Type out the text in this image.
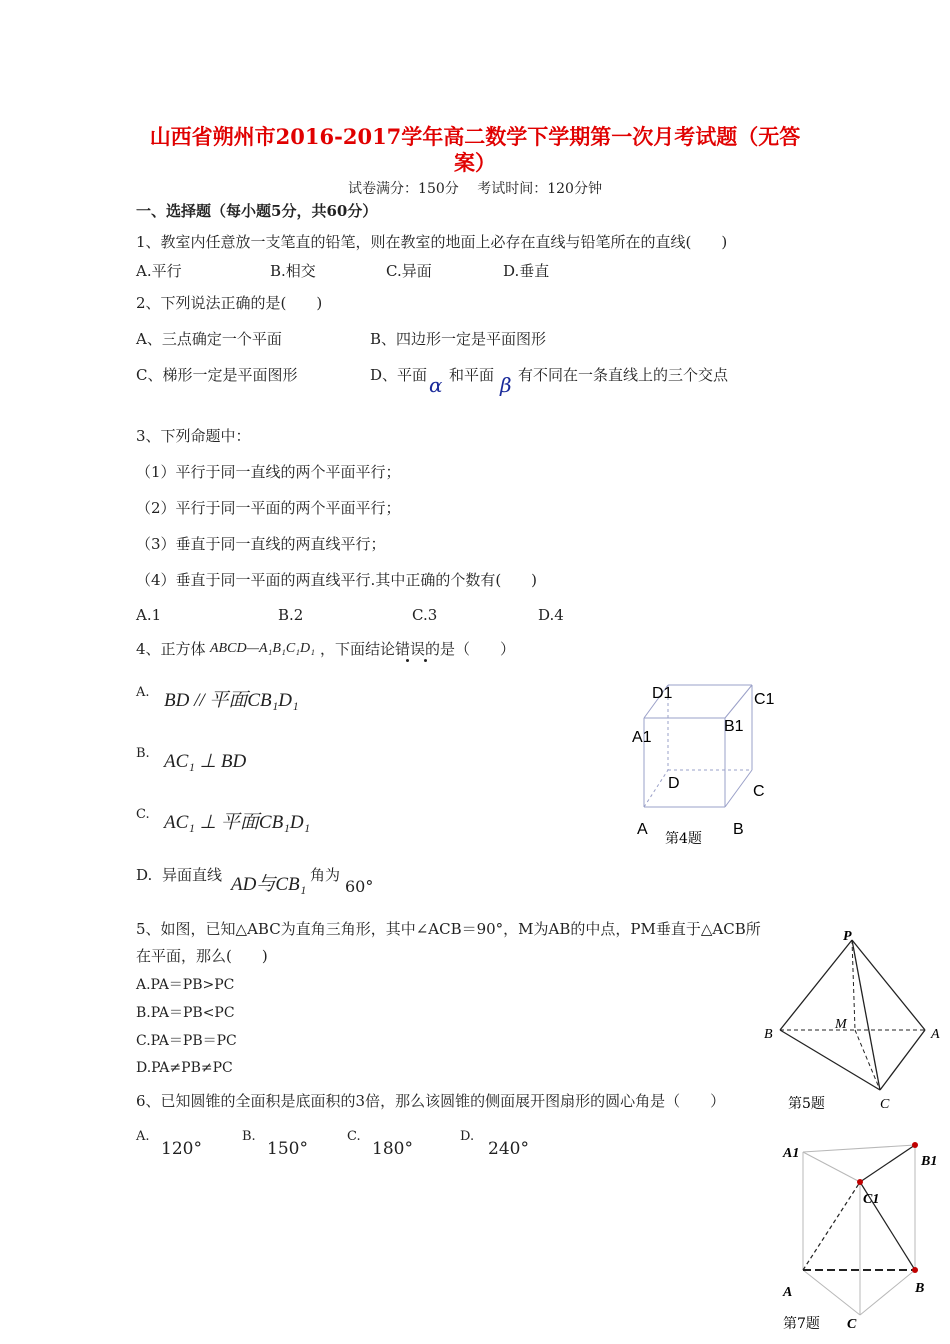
山西省朔州市2016-2017学年高二数学下学期第一次月考试题（无答
案）
试卷满分：150分　 考试时间：120分钟
一、选择题（每小题5分，共60分）
1、教室内任意放一支笔直的铅笔，则在教室的地面上必存在直线与铅笔所在的直线(　　)
A.平行	B.相交	C.异面	D.垂直
2、下列说法正确的是(　　)
A、三点确定一个平面	B、四边形一定是平面图形
C、梯形一定是平面图形	D、平面 α 和平面 β 有不同在一条直线上的三个交点
3、下列命题中：
（1）平行于同一直线的两个平面平行；
（2）平行于同一平面的两个平面平行；
（3）垂直于同一直线的两直线平行；
（4）垂直于同一平面的两直线平行.其中正确的个数有(　　)
A.1	B.2	C.3	D.4
4、正方体 ABCD—A₁B₁C₁D₁ ，下面结论错误的是（　　）
A. BD // 平面CB₁D₁
B. AC₁ ⊥ BD
C. AC₁ ⊥ 平面CB₁D₁
D. 异面直线 AD与CB₁ 角为
60°
D1	C1
A1
B1
D	C
A	B
第4题
5、如图，已知△ABC为直角三角形，其中∠ACB＝90°，M为AB的中点，PM垂直于△ACB所
在平面，那么(　　)
A.PA＝PB>PC
B.PA＝PB<PC
C.PA＝PB＝PC
D.PA≠PB≠PC
P
M
B	A
C
第5题
6、已知圆锥的全面积是底面积的3倍，那么该圆锥的侧面展开图扇形的圆心角是（　　）
A.
120°
B.
150°
C.
180°
D.
240°	A1
B1
C1
A	B
C
第7题
